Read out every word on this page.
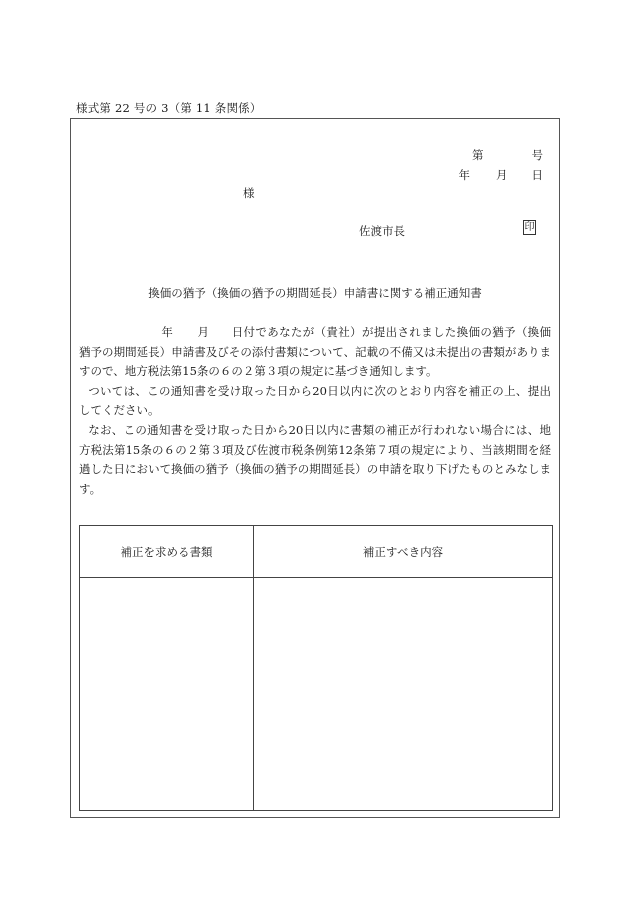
様式第 22 号の 3（第 11 条関係）
第	号
年 月 日
様
佐渡市長	印
換価の猶予（換価の猶予の期間延長）申請書に関する補正通知書

年 月 日付であなたが（貴社）が提出されました換価の猶予（換価猶予の期間延長）申請書及びその添付書類について、記載の不備又は未提出の書類がありますので、地方税法第15条の６の２第３項の規定に基づき通知します。

ついては、この通知書を受け取った日から20日以内に次のとおり内容を補正の上、提出してください。

なお、この通知書を受け取った日から20日以内に書類の補正が行われない場合には、地方税法第15条の６の２第３項及び佐渡市税条例第12条第７項の規定により、当該期間を経過した日において換価の猶予（換価の猶予の期間延長）の申請を取り下げたものとみなします。

補正を求める書類	補正すべき内容
